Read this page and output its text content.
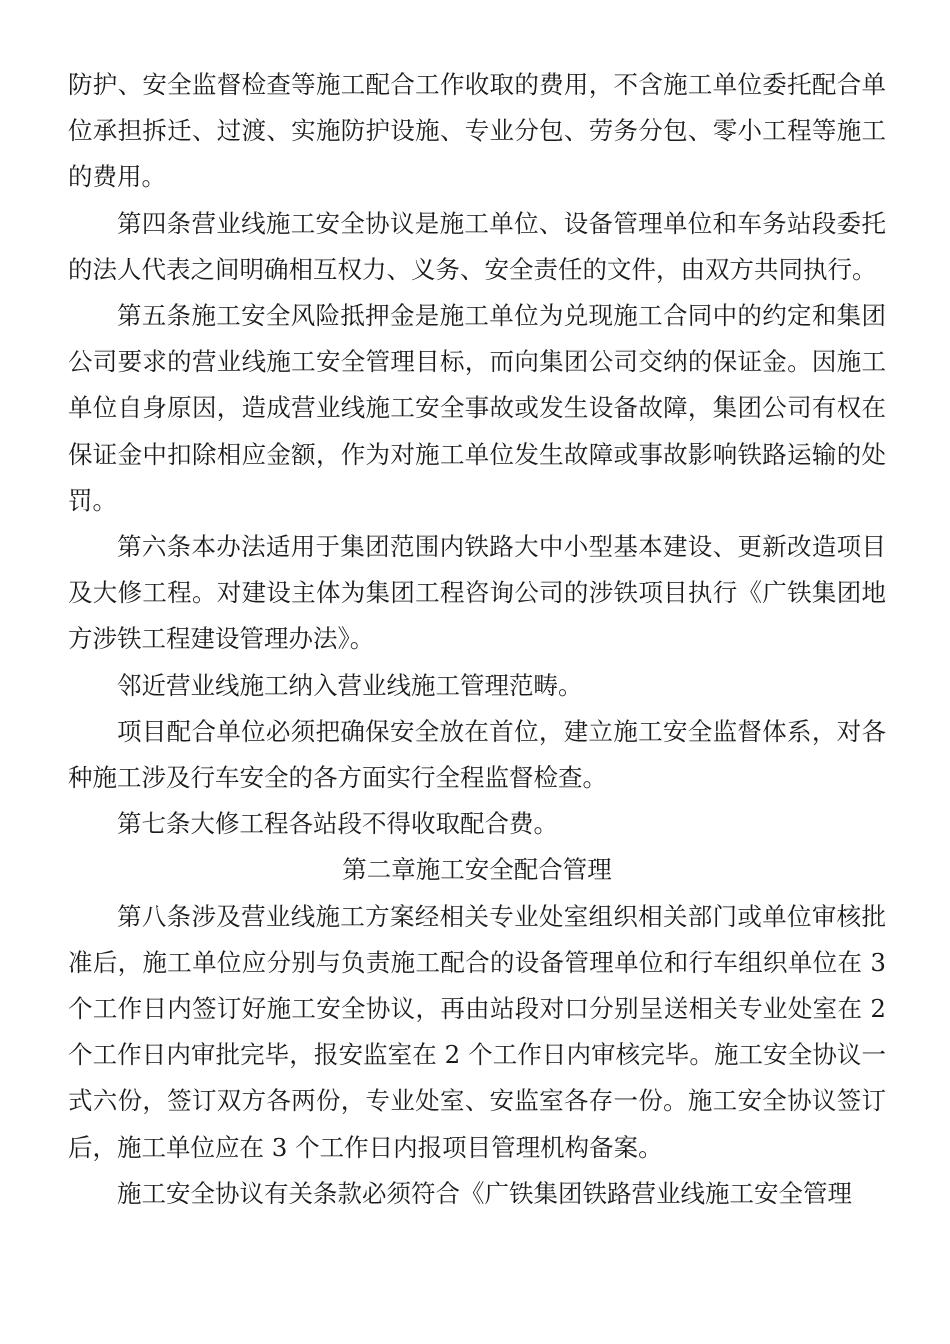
防护、安全监督检查等施工配合工作收取的费用，不含施工单位委托配合单位承担拆迁、过渡、实施防护设施、专业分包、劳务分包、零小工程等施工的费用。

第四条营业线施工安全协议是施工单位、设备管理单位和车务站段委托的法人代表之间明确相互权力、义务、安全责任的文件，由双方共同执行。

第五条施工安全风险抵押金是施工单位为兑现施工合同中的约定和集团公司要求的营业线施工安全管理目标，而向集团公司交纳的保证金。因施工单位自身原因，造成营业线施工安全事故或发生设备故障，集团公司有权在保证金中扣除相应金额，作为对施工单位发生故障或事故影响铁路运输的处罚。

第六条本办法适用于集团范围内铁路大中小型基本建设、更新改造项目及大修工程。对建设主体为集团工程咨询公司的涉铁项目执行《广铁集团地方涉铁工程建设管理办法》。

邻近营业线施工纳入营业线施工管理范畴。

项目配合单位必须把确保安全放在首位，建立施工安全监督体系，对各种施工涉及行车安全的各方面实行全程监督检查。

第七条大修工程各站段不得收取配合费。

第二章施工安全配合管理

第八条涉及营业线施工方案经相关专业处室组织相关部门或单位审核批准后，施工单位应分别与负责施工配合的设备管理单位和行车组织单位在 3 个工作日内签订好施工安全协议，再由站段对口分别呈送相关专业处室在 2 个工作日内审批完毕，报安监室在 2 个工作日内审核完毕。施工安全协议一式六份，签订双方各两份，专业处室、安监室各存一份。施工安全协议签订后，施工单位应在 3 个工作日内报项目管理机构备案。

施工安全协议有关条款必须符合《广铁集团铁路营业线施工安全管理
